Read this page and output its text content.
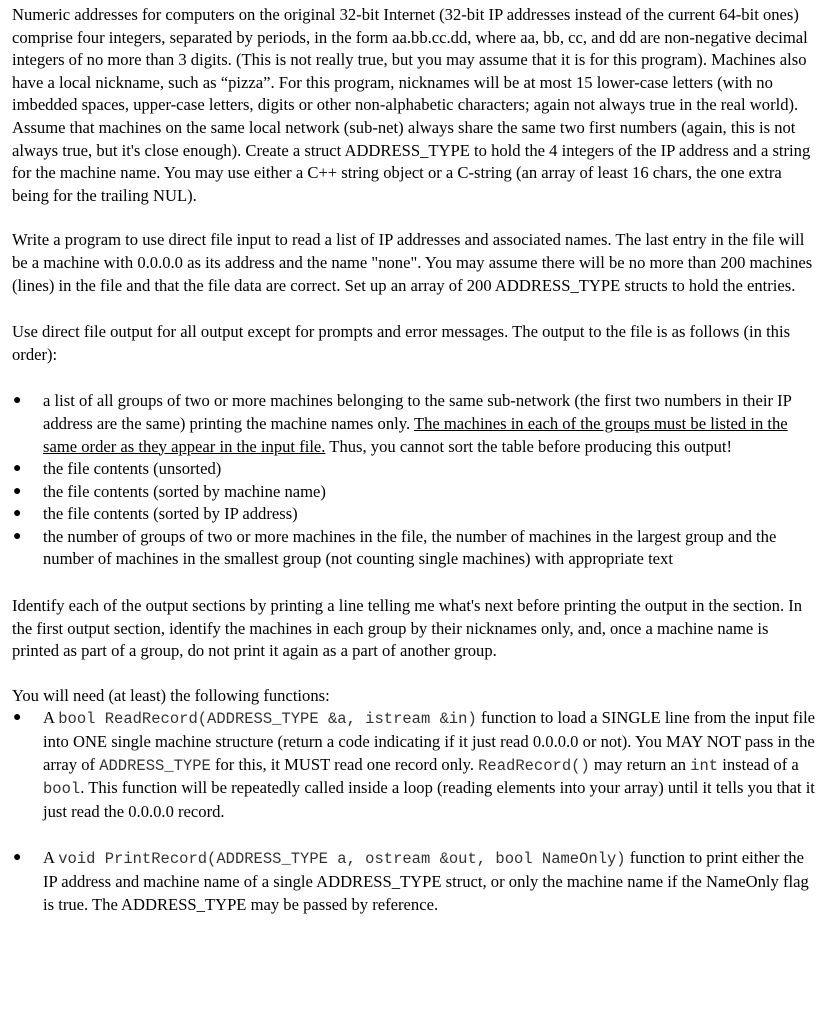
Numeric addresses for computers on the original 32-bit Internet (32-bit IP addresses instead of the current 64-bit ones) comprise four integers, separated by periods, in the form aa.bb.cc.dd, where aa, bb, cc, and dd are non-negative decimal integers of no more than 3 digits. (This is not really true, but you may assume that it is for this program). Machines also have a local nickname, such as “pizza”. For this program, nicknames will be at most 15 lower-case letters (with no imbedded spaces, upper-case letters, digits or other non-alphabetic characters; again not always true in the real world). Assume that machines on the same local network (sub-net) always share the same two first numbers (again, this is not always true, but it's close enough). Create a struct ADDRESS_TYPE to hold the 4 integers of the IP address and a string for the machine name. You may use either a C++ string object or a C-string (an array of least 16 chars, the one extra being for the trailing NUL).

Write a program to use direct file input to read a list of IP addresses and associated names. The last entry in the file will be a machine with 0.0.0.0 as its address and the name "none". You may assume there will be no more than 200 machines (lines) in the file and that the file data are correct. Set up an array of 200 ADDRESS_TYPE structs to hold the entries.

Use direct file output for all output except for prompts and error messages. The output to the file is as follows (in this order):

● a list of all groups of two or more machines belonging to the same sub-network (the first two numbers in their IP address are the same) printing the machine names only. The machines in each of the groups must be listed in the same order as they appear in the input file. Thus, you cannot sort the table before producing this output!
● the file contents (unsorted)
● the file contents (sorted by machine name)
● the file contents (sorted by IP address)
● the number of groups of two or more machines in the file, the number of machines in the largest group and the number of machines in the smallest group (not counting single machines) with appropriate text

Identify each of the output sections by printing a line telling me what's next before printing the output in the section. In the first output section, identify the machines in each group by their nicknames only, and, once a machine name is printed as part of a group, do not print it again as a part of another group.

You will need (at least) the following functions:

● A bool ReadRecord(ADDRESS_TYPE &a, istream &in) function to load a SINGLE line from the input file into ONE single machine structure (return a code indicating if it just read 0.0.0.0 or not). You MAY NOT pass in the array of ADDRESS_TYPE for this, it MUST read one record only. ReadRecord() may return an int instead of a bool. This function will be repeatedly called inside a loop (reading elements into your array) until it tells you that it just read the 0.0.0.0 record.
● A void PrintRecord(ADDRESS_TYPE a, ostream &out, bool NameOnly) function to print either the IP address and machine name of a single ADDRESS_TYPE struct, or only the machine name if the NameOnly flag is true. The ADDRESS_TYPE may be passed by reference.
